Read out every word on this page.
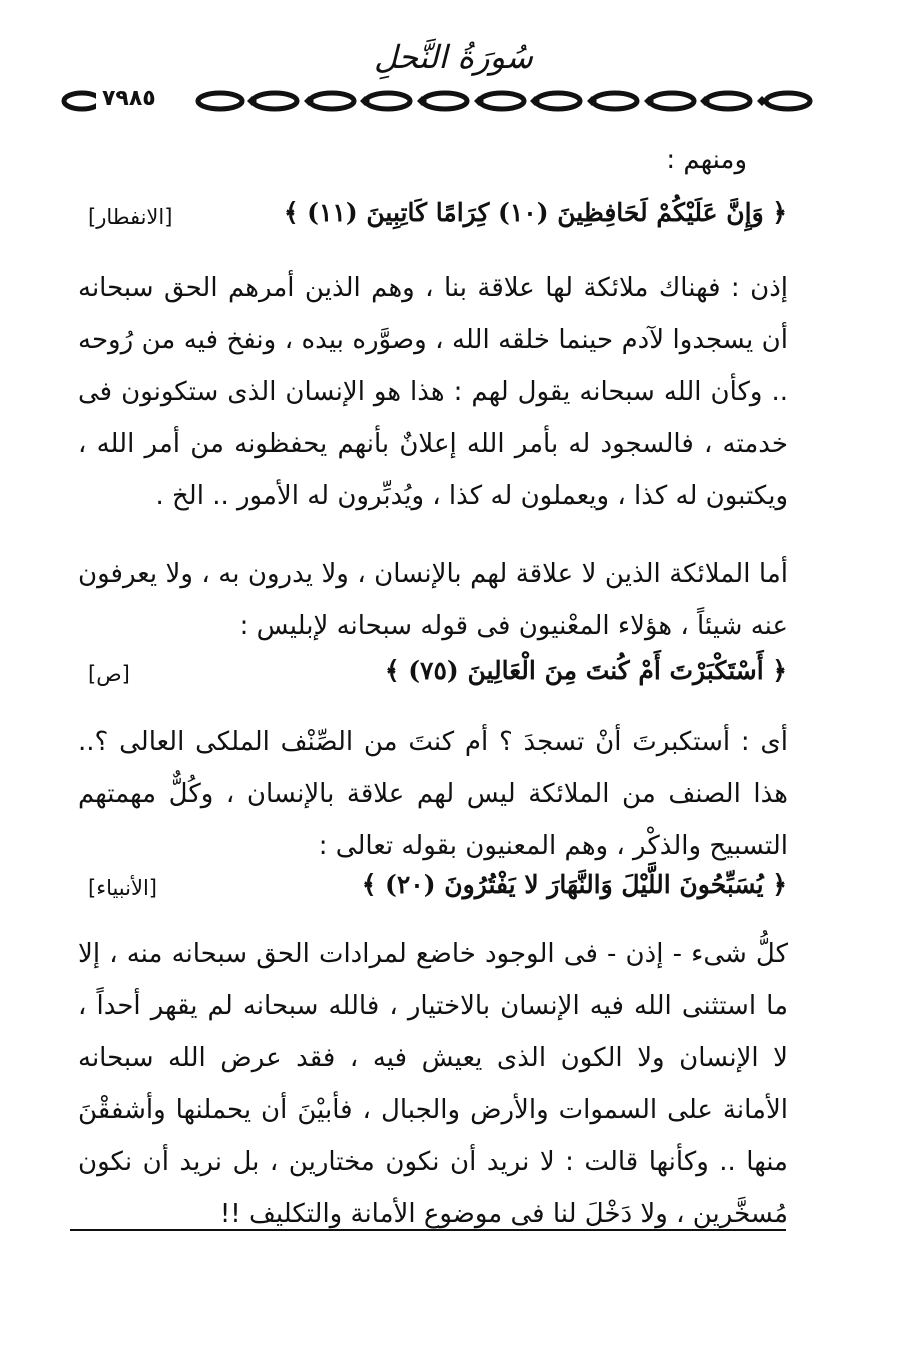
سُورَةُ النَّحلِ
٧٩٨٥
ومنهم :
﴿ وَإِنَّ عَلَيْكُمْ لَحَافِظِينَ (١٠) كِرَامًا كَاتِبِينَ (١١) ﴾
[الانفطار]

إذن : فهناك ملائكة لها علاقة بنا ، وهم الذين أمرهم الحق سبحانه أن يسجدوا لآدم حينما خلقه الله ، وصوَّره بيده ، ونفخ فيه من رُوحه .. وكأن الله سبحانه يقول لهم : هذا هو الإنسان الذى ستكونون فى خدمته ، فالسجود له بأمر الله إعلانٌ بأنهم يحفظونه من أمر الله ، ويكتبون له كذا ، ويعملون له كذا ، ويُدبِّرون له الأمور .. الخ .

أما الملائكة الذين لا علاقة لهم بالإنسان ، ولا يدرون به ، ولا يعرفون عنه شيئاً ، هؤلاء المعْنيون فى قوله سبحانه لإبليس :

﴿ أَسْتَكْبَرْتَ أَمْ كُنتَ مِنَ الْعَالِينَ (٧٥) ﴾
[ص]

أى : أستكبرتَ أنْ تسجدَ ؟ أم كنتَ من الصِّنْف الملكى العالى ؟.. هذا الصنف من الملائكة ليس لهم علاقة بالإنسان ، وكُلٌّ مهمتهم التسبيح والذكْر ، وهم المعنيون بقوله تعالى :

﴿ يُسَبِّحُونَ اللَّيْلَ وَالنَّهَارَ لا يَفْتُرُونَ (٢٠) ﴾
[الأنبياء]

كلُّ شىء - إذن - فى الوجود خاضع لمرادات الحق سبحانه منه ، إلا ما استثنى الله فيه الإنسان بالاختيار ، فالله سبحانه لم يقهر أحداً ، لا الإنسان ولا الكون الذى يعيش فيه ، فقد عرض الله سبحانه الأمانة على السموات والأرض والجبال ، فأبيْنَ أن يحملنها وأشفقْنَ منها .. وكأنها قالت : لا نريد أن نكون مختارين ، بل نريد أن نكون مُسخَّرين ، ولا دَخْلَ لنا فى موضوع الأمانة والتكليف !!
